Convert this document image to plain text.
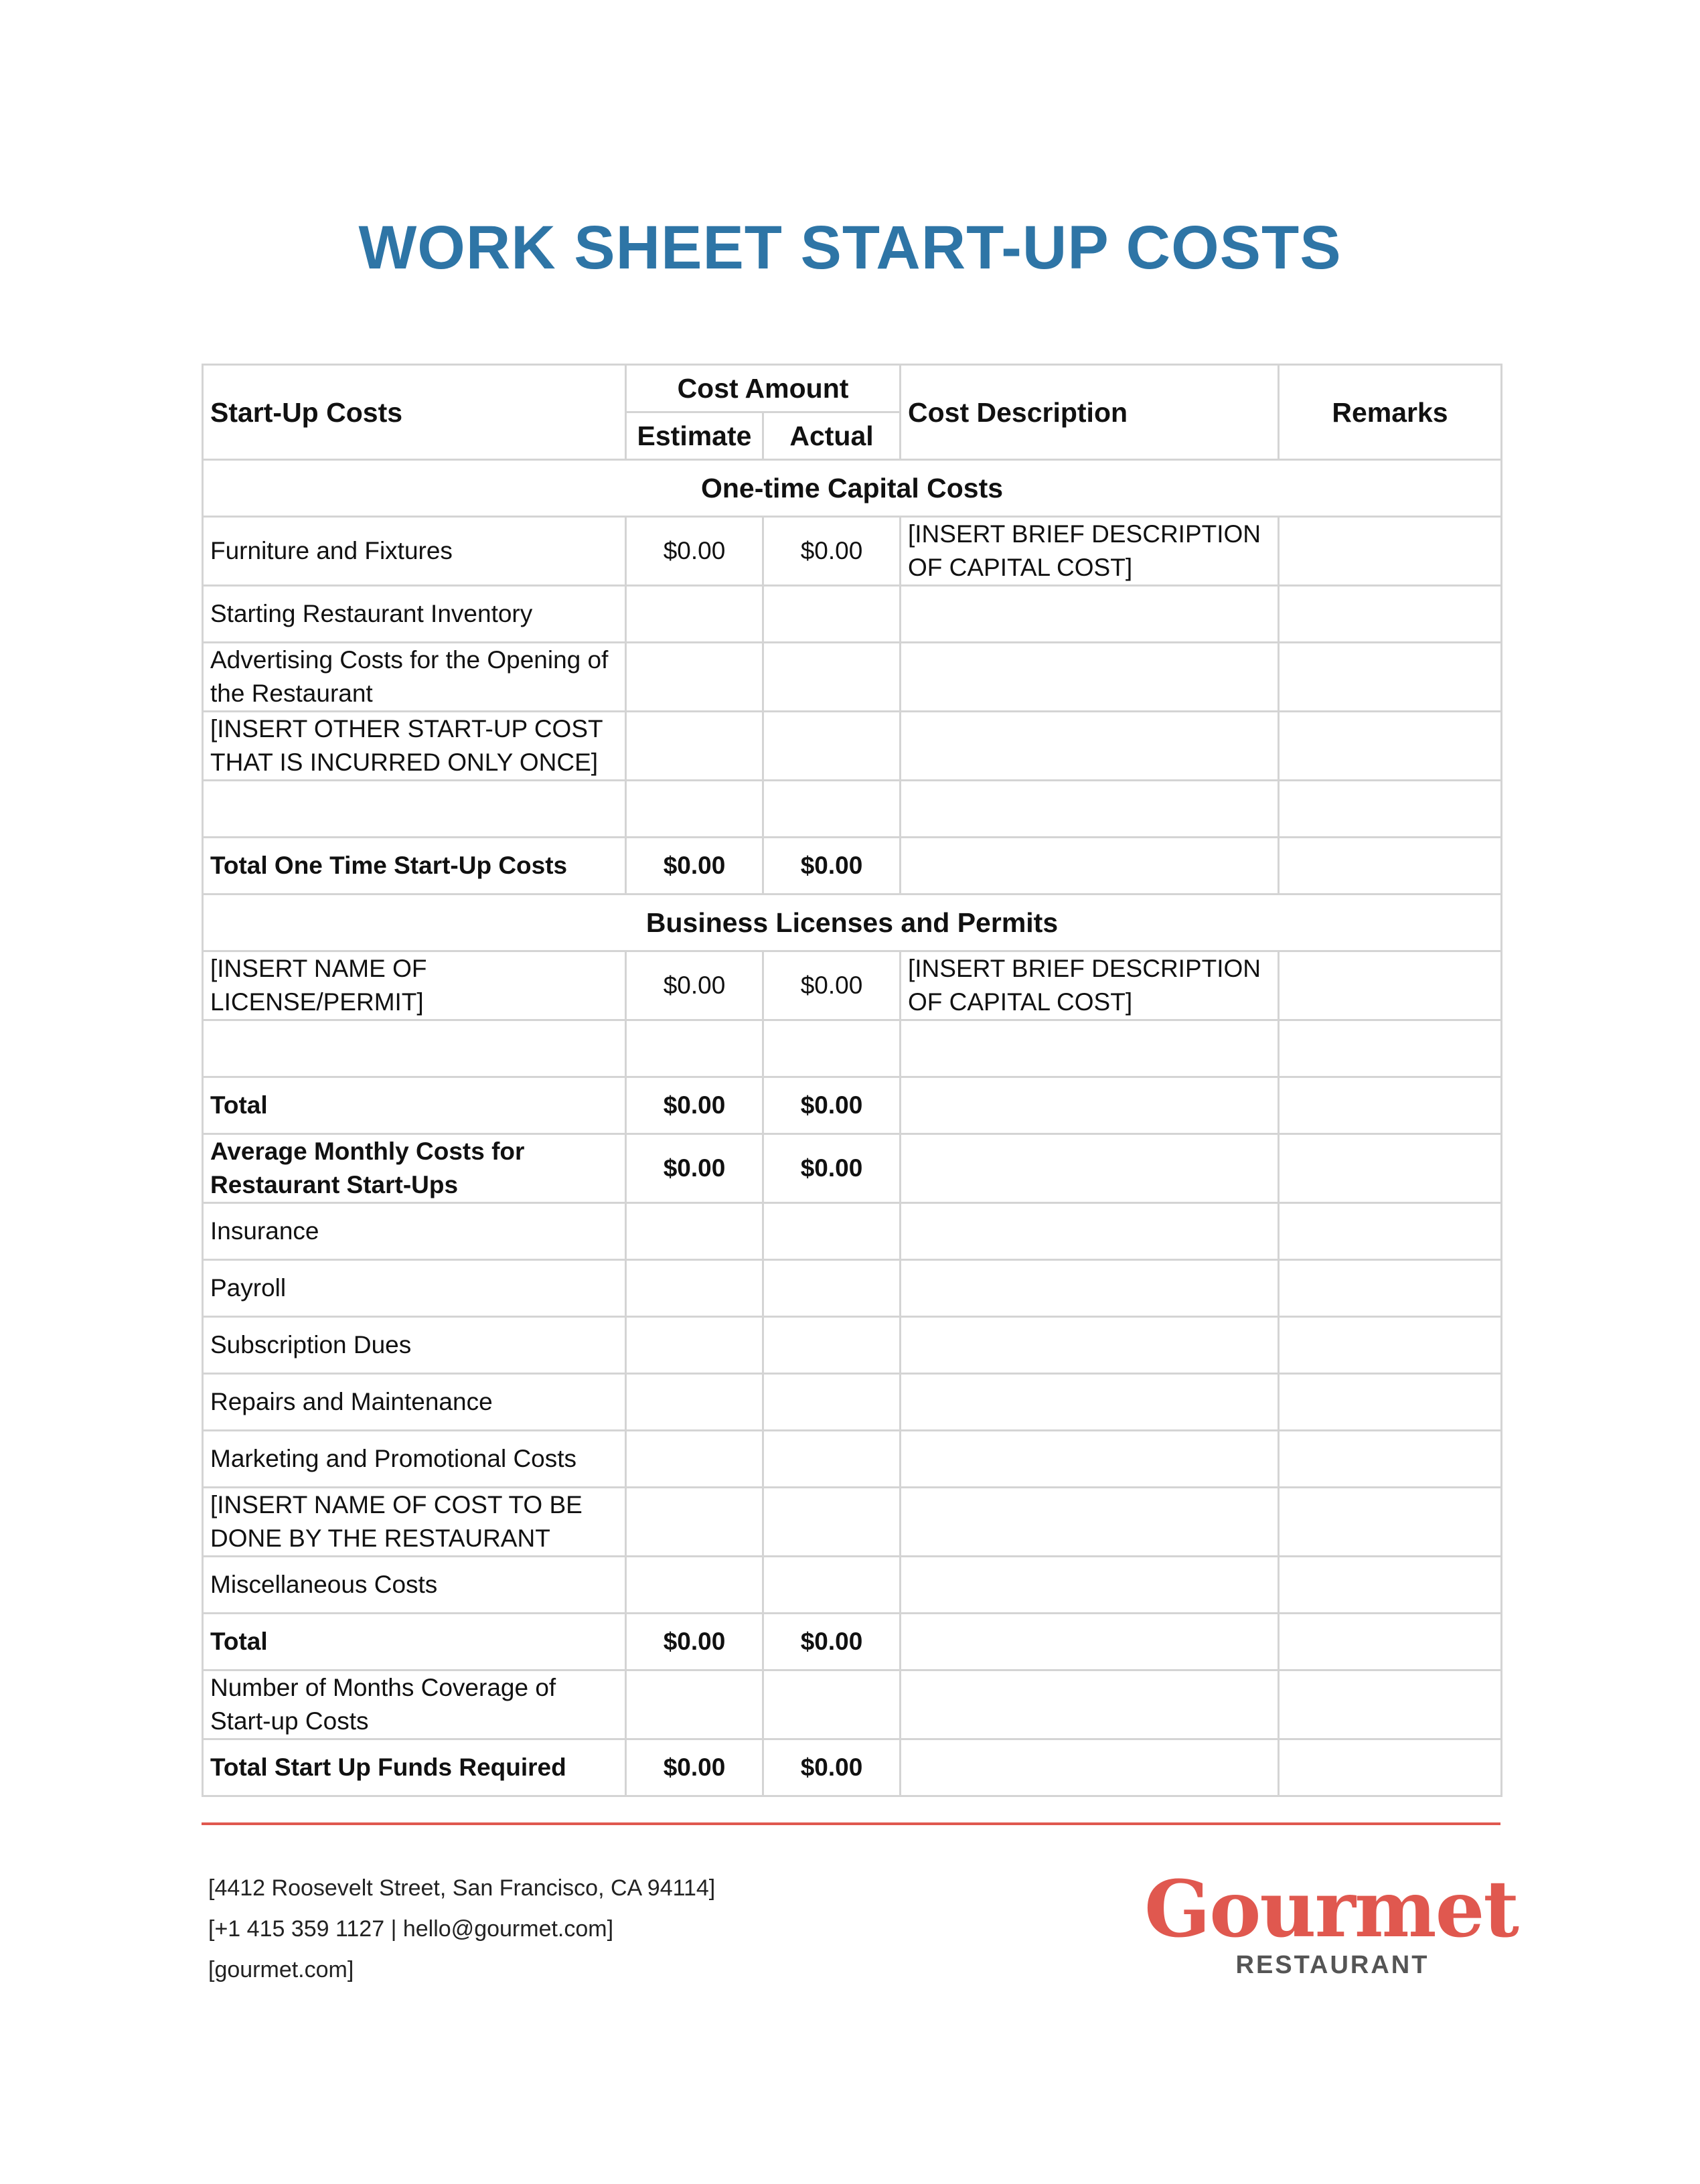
WORK SHEET START-UP COSTS
Start-Up Costs	Cost Amount		Cost Description	Remarks
	Estimate	Actual		
One-time Capital Costs				
Furniture and Fixtures	$0.00	$0.00	[INSERT BRIEF DESCRIPTION OF CAPITAL COST]	
Starting Restaurant Inventory				
Advertising Costs for the Opening of the Restaurant				
[INSERT OTHER START-UP COST THAT IS INCURRED ONLY ONCE]				

Total One Time Start-Up Costs	$0.00	$0.00		
Business Licenses and Permits				
[INSERT NAME OF LICENSE/PERMIT]	$0.00	$0.00	[INSERT BRIEF DESCRIPTION OF CAPITAL COST]	

Total	$0.00	$0.00		
Average Monthly Costs for Restaurant Start-Ups	$0.00	$0.00		
Insurance				
Payroll				
Subscription Dues				
Repairs and Maintenance				
Marketing and Promotional Costs				
[INSERT NAME OF COST TO BE DONE BY THE RESTAURANT				
Miscellaneous Costs				
Total	$0.00	$0.00		
Number of Months Coverage of Start-up Costs				
Total Start Up Funds Required	$0.00	$0.00		
[4412 Roosevelt Street, San Francisco, CA 94114]
[+1 415 359 1127 | hello@gourmet.com]
[gourmet.com]
Gourmet
RESTAURANT
